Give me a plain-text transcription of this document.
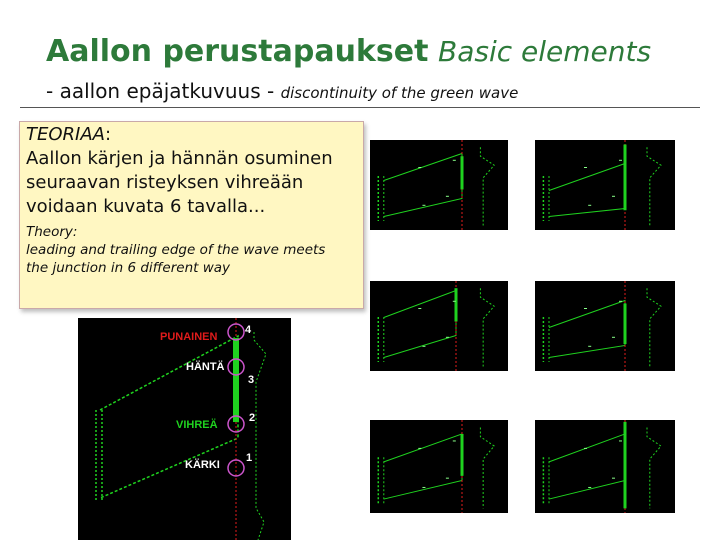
Aallon perustapaukset Basic elements
- aallon epäjatkuvuus - discontinuity of the green wave
TEORIAA:
Aallon kärjen ja hännän osuminen
seuraavan risteyksen vihreään
voidaan kuvata 6 tavalla...
Theory:
leading and trailing edge of the wave meets
the junction in 6 different way
PUNAINEN
HÄNTÄ
VIHREÄ
KÄRKI
4
3
2
1
